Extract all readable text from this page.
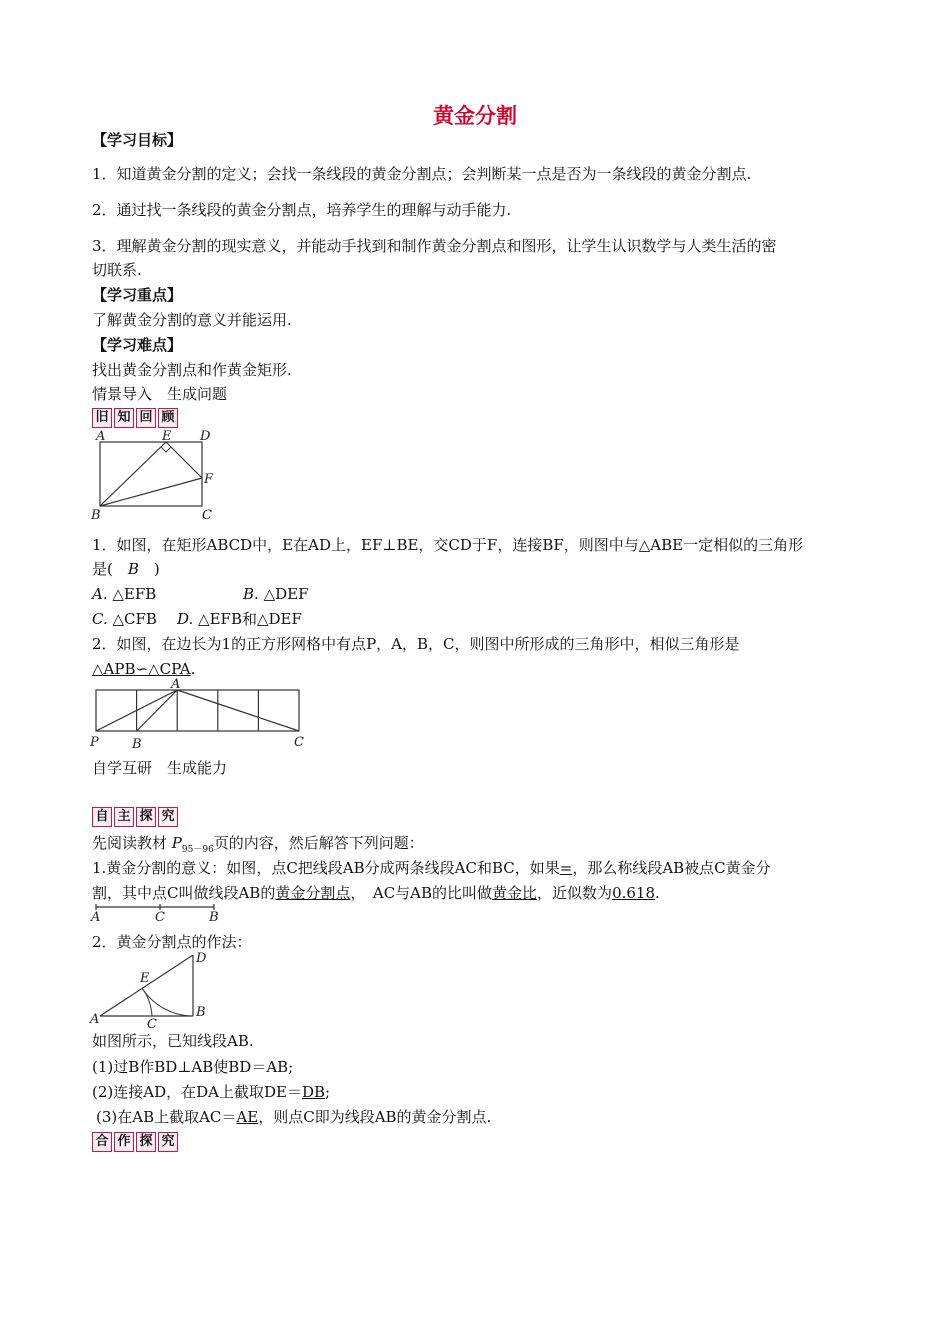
黄金分割
【学习目标】
1．知道黄金分割的定义；会找一条线段的黄金分割点；会判断某一点是否为一条线段的黄金分割点.
2．通过找一条线段的黄金分割点，培养学生的理解与动手能力.
3．理解黄金分割的现实意义，并能动手找到和制作黄金分割点和图形，让学生认识数学与人类生活的密
切联系.
【学习重点】
了解黄金分割的意义并能运用.
【学习难点】
找出黄金分割点和作黄金矩形.
情景导入　生成问题
旧 知 回 顾
A	E D
F
B	C
1．如图，在矩形ABCD中，E在AD上，EF⊥BE，交CD于F，连接BF，则图中与△ABE一定相似的三角形
是(　B　)
A. △EFB	B. △DEF
C. △CFB D. △EFB和△DEF
2．如图，在边长为1的正方形网格中有点P，A，B，C，则图中所形成的三角形中，相似三角形是
△APB∽△CPA.
A
P	B	C
自学互研　生成能力
自 主 探 究
先阅读教材 $P_{95-96}$页的内容，然后解答下列问题：
1.黄金分割的意义：如图，点C把线段AB分成两条线段AC和BC，如果=，那么称线段AB被点C黄金分
割，其中点C叫做线段AB的黄金分割点，　AC与AB的比叫做黄金比，近似数为0.618.
A	C	B
2．黄金分割点的作法：
D
E
A	C
B
如图所示，已知线段AB.
(1)过B作BD⊥AB使BD＝AB;
(2)连接AD，在DA上截取DE＝DB;
(3)在AB上截取AC＝AE，则点C即为线段AB的黄金分割点.
合 作 探 究
